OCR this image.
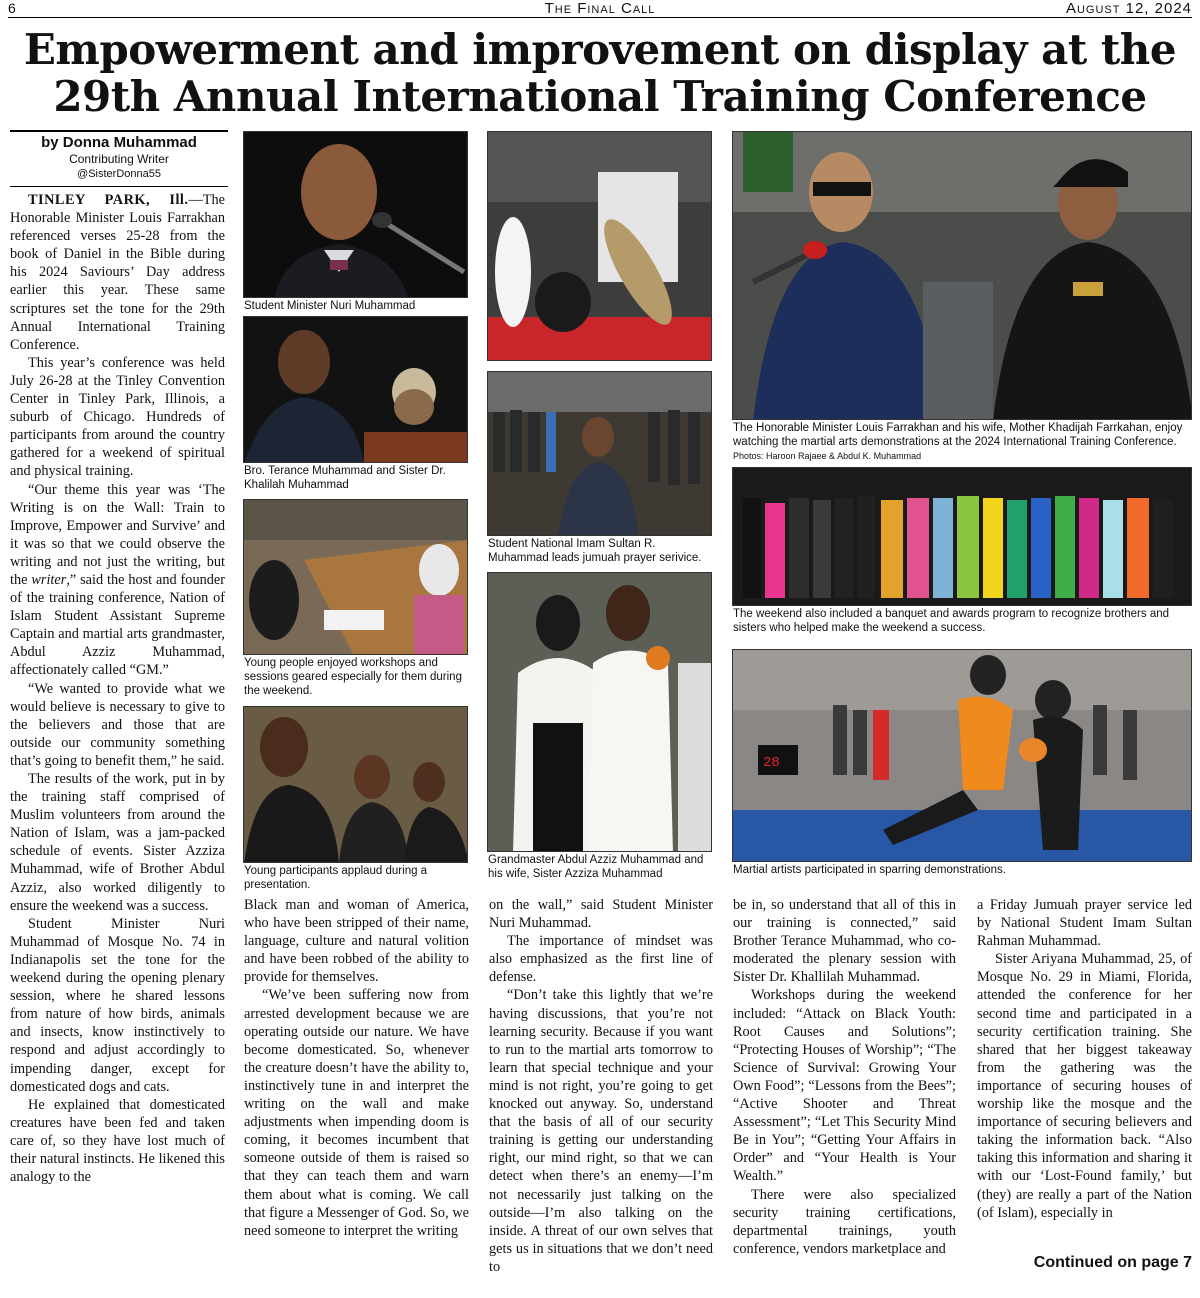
6	The Final Call	August 12, 2024
Empowerment and improvement on display at the 29th Annual International Training Conference
by Donna Muhammad
Contributing Writer
@SisterDonna55

TINLEY PARK, Ill.—The Honorable Minister Louis Farrakhan referenced verses 25-28 from the book of Daniel in the Bible during his 2024 Saviours’ Day address earlier this year. These same scriptures set the tone for the 29th Annual International Training Conference.

This year’s conference was held July 26-28 at the Tinley Convention Center in Tinley Park, Illinois, a suburb of Chicago. Hundreds of participants from around the country gathered for a weekend of spiritual and physical training.

“Our theme this year was ‘The Writing is on the Wall: Train to Improve, Empower and Survive’ and it was so that we could observe the writing and not just the writing, but the writer,” said the host and founder of the training conference, Nation of Islam Student Assistant Supreme Captain and martial arts grandmaster, Abdul Azziz Muhammad, affectionately called “GM.”

“We wanted to provide what we would believe is necessary to give to the believers and those that are outside our community something that’s going to benefit them,” he said.

The results of the work, put in by the training staff comprised of Muslim volunteers from around the Nation of Islam, was a jam-packed schedule of events. Sister Azziza Muhammad, wife of Brother Abdul Azziz, also worked diligently to ensure the weekend was a success.

Student Minister Nuri Muhammad of Mosque No. 74 in Indianapolis set the tone for the weekend during the opening plenary session, where he shared lessons from nature of how birds, animals and insects, know instinctively to respond and adjust accordingly to impending danger, except for domesticated dogs and cats.

He explained that domesticated creatures have been fed and taken care of, so they have lost much of their natural instincts. He likened this analogy to the

Student Minister Nuri Muhammad
Bro. Terance Muhammad and Sister Dr. Khalilah Muhammad
Young people enjoyed workshops and sessions geared especially for them during the weekend.
Young participants applaud during a presentation.

Black man and woman of America, who have been stripped of their name, language, culture and natural volition and have been robbed of the ability to provide for themselves.

“We’ve been suffering now from arrested development because we are operating outside our nature. We have become domesticated. So, whenever the creature doesn’t have the ability to, instinctively tune in and interpret the writing on the wall and make adjustments when impending doom is coming, it becomes incumbent that someone outside of them is raised so that they can teach them and warn them about what is coming. We call that figure a Messenger of God. So, we need someone to interpret the writing

Student National Imam Sultan R. Muhammad leads jumuah prayer serivice.
Grandmaster Abdul Azziz Muhammad and his wife, Sister Azziza Muhammad

on the wall,” said Student Minister Nuri Muhammad.

The importance of mindset was also emphasized as the first line of defense.

“Don’t take this lightly that we’re having discussions, that you’re not learning security. Because if you want to run to the martial arts tomorrow to learn that special technique and your mind is not right, you’re going to get knocked out anyway. So, understand that the basis of all of our security training is getting our understanding right, our mind right, so that we can detect when there’s an enemy—I’m not necessarily just talking on the outside—I’m also talking on the inside. A threat of our own selves that gets us in situations that we don’t need to

The Honorable Minister Louis Farrakhan and his wife, Mother Khadijah Farrkahan, enjoy watching the martial arts demonstrations at the 2024 International Training Conference. Photos: Haroon Rajaee & Abdul K. Muhammad
The weekend also included a banquet and awards program to recognize brothers and sisters who helped make the weekend a success.
28
Martial artists participated in sparring demonstrations.

be in, so understand that all of this in our training is connected,” said Brother Terance Muhammad, who co-moderated the plenary session with Sister Dr. Khallilah Muhammad.

Workshops during the weekend included: “Attack on Black Youth: Root Causes and Solutions”; “Protecting Houses of Worship”; “The Science of Survival: Growing Your Own Food”; “Lessons from the Bees”; “Active Shooter and Threat Assessment”; “Let This Security Mind Be in You”; “Getting Your Affairs in Order” and “Your Health is Your Wealth.”

There were also specialized security training certifications, departmental trainings, youth conference, vendors marketplace and

a Friday Jumuah prayer service led by National Student Imam Sultan Rahman Muhammad.

Sister Ariyana Muhammad, 25, of Mosque No. 29 in Miami, Florida, attended the conference for her second time and participated in a security certification training. She shared that her biggest takeaway from the gathering was the importance of securing houses of worship like the mosque and the importance of securing believers and taking the information back. “Also taking this information and sharing it with our ‘Lost-Found family,’ but (they) are really a part of the Nation (of Islam), especially in

Continued on page 7
